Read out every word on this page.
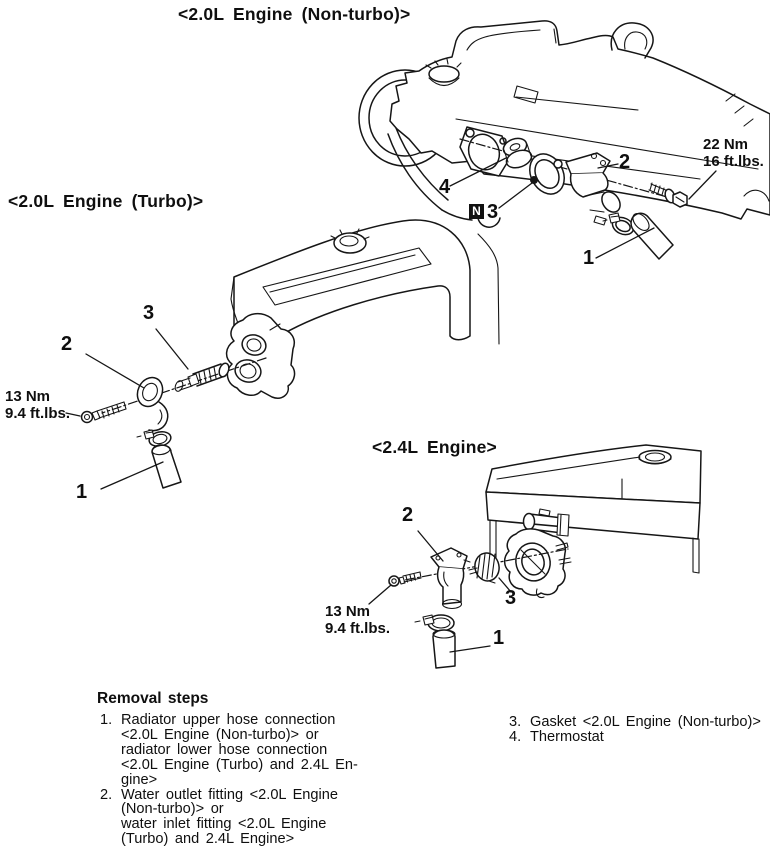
<2.0L Engine (Non-turbo)>
<2.0L Engine (Turbo)>
<2.4L Engine>
22 Nm
16 ft.lbs.
13 Nm
9.4 ft.lbs.
13 Nm
9.4 ft.lbs.
2
4
N 3
1
3
2
1
2
3
1
Removal steps
1. Radiator upper hose connection
<2.0L Engine (Non-turbo)> or
radiator lower hose connection
<2.0L Engine (Turbo) and 2.4L En-
gine>
2. Water outlet fitting <2.0L Engine
(Non-turbo)> or
water inlet fitting <2.0L Engine
(Turbo) and 2.4L Engine>
3. Gasket <2.0L Engine (Non-turbo)>
4. Thermostat
